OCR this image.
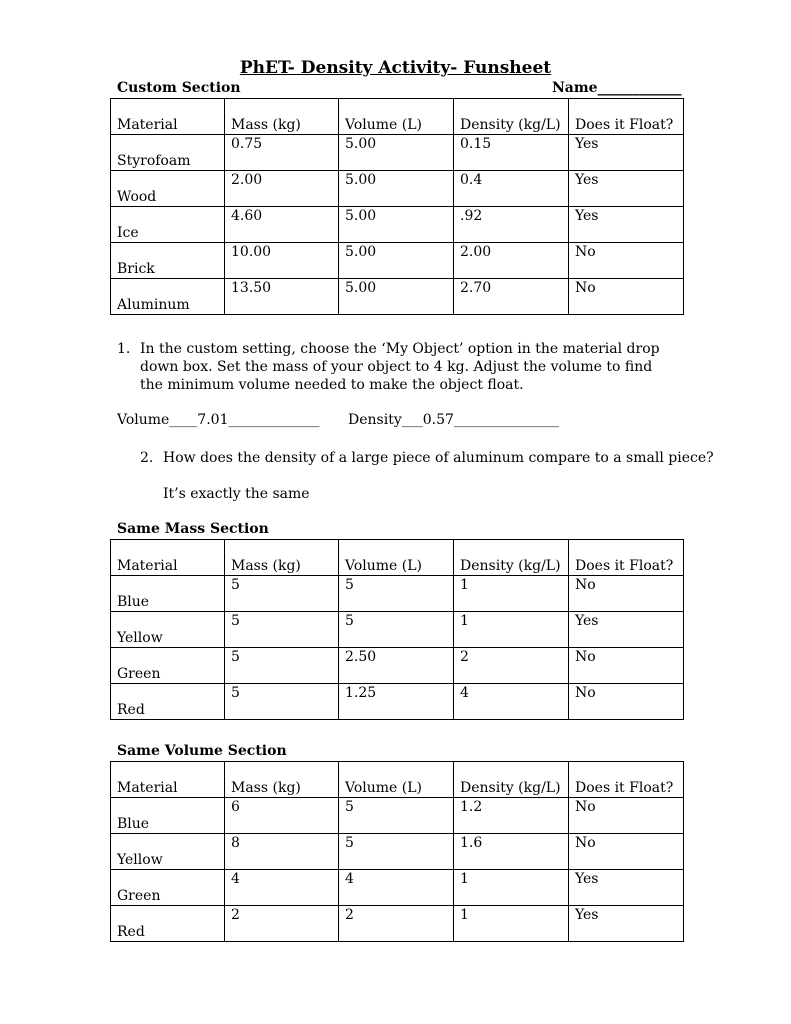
PhET- Density Activity- Funsheet
Custom Section	Name____________
Material	Mass (kg)	Volume (L)	Density (kg/L)	Does it Float?
Styrofoam	0.75	5.00	0.15	Yes
Wood	2.00	5.00	0.4	Yes
Ice	4.60	5.00	.92	Yes
Brick	10.00	5.00	2.00	No
Aluminum	13.50	5.00	2.70	No
1. In the custom setting, choose the ‘My Object’ option in the material drop down box. Set the mass of your object to 4 kg. Adjust the volume to find the minimum volume needed to make the object float.
Volume____7.01_____________ Density___0.57_______________
2. How does the density of a large piece of aluminum compare to a small piece?
It’s exactly the same
Same Mass Section
Material	Mass (kg)	Volume (L)	Density (kg/L)	Does it Float?
Blue	5	5	1	No
Yellow	5	5	1	Yes
Green	5	2.50	2	No
Red	5	1.25	4	No
Same Volume Section
Material	Mass (kg)	Volume (L)	Density (kg/L)	Does it Float?
Blue	6	5	1.2	No
Yellow	8	5	1.6	No
Green	4	4	1	Yes
Red	2	2	1	Yes
